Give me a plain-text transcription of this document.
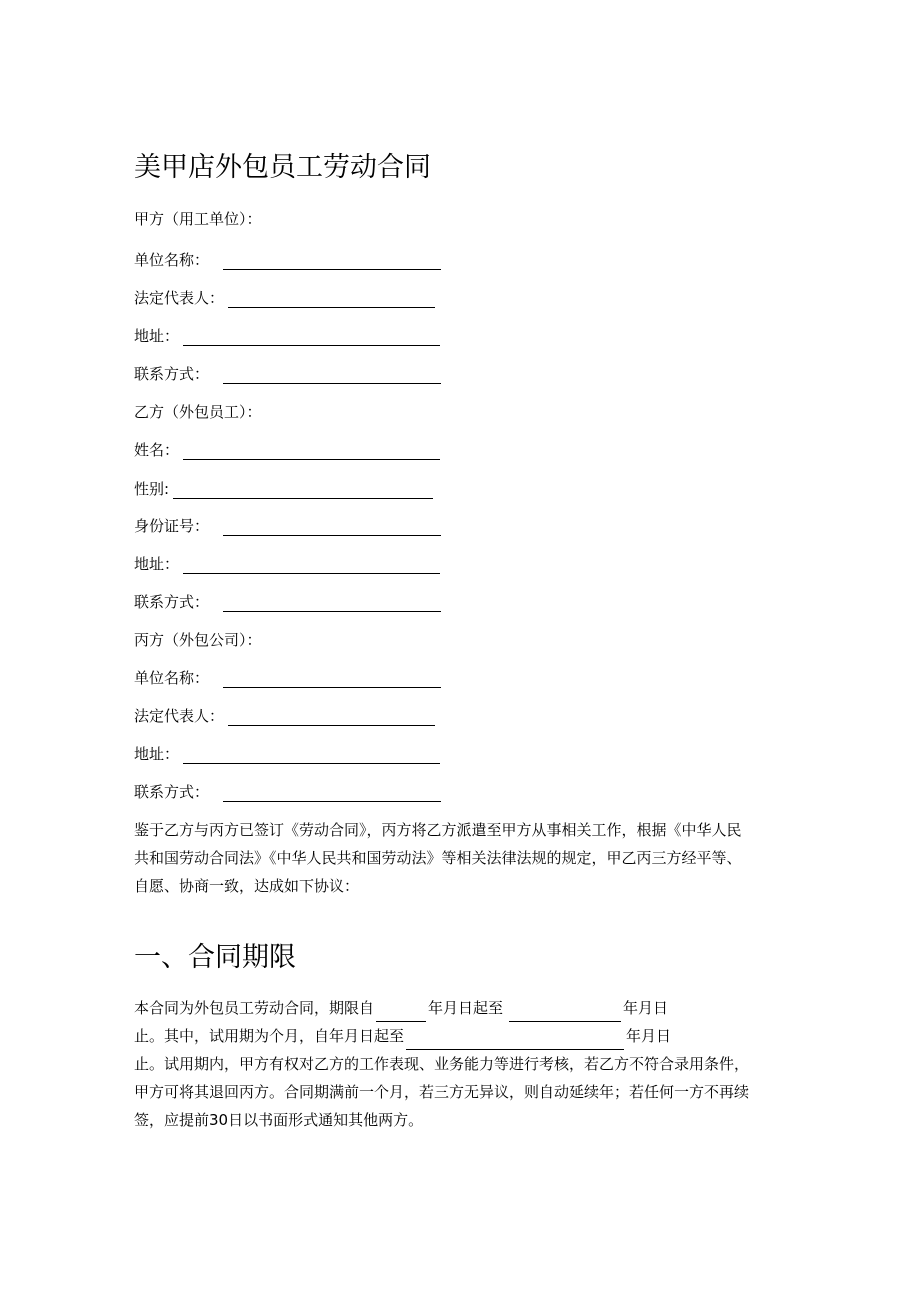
美甲店外包员工劳动合同
甲方（用工单位）：
单位名称：
法定代表人：
地址：
联系方式：
乙方（外包员工）：
姓名：
性别:
身份证号：
地址：
联系方式：
丙方（外包公司）：
单位名称：
法定代表人：
地址：
联系方式：

鉴于乙方与丙方已签订《劳动合同》，丙方将乙方派遣至甲方从事相关工作，根据《中华人民

共和国劳动合同法》《中华人民共和国劳动法》等相关法律法规的规定，甲乙丙三方经平等、

自愿、协商一致，达成如下协议：

一、合同期限
本合同为外包员工劳动合同，期限自	年月日起至	年月日
止。其中，试用期为个月，自年月日起至	年月日

止。试用期内，甲方有权对乙方的工作表现、业务能力等进行考核，若乙方不符合录用条件，

甲方可将其退回丙方。合同期满前一个月，若三方无异议，则自动延续年；若任何一方不再续

签，应提前30日以书面形式通知其他两方。
